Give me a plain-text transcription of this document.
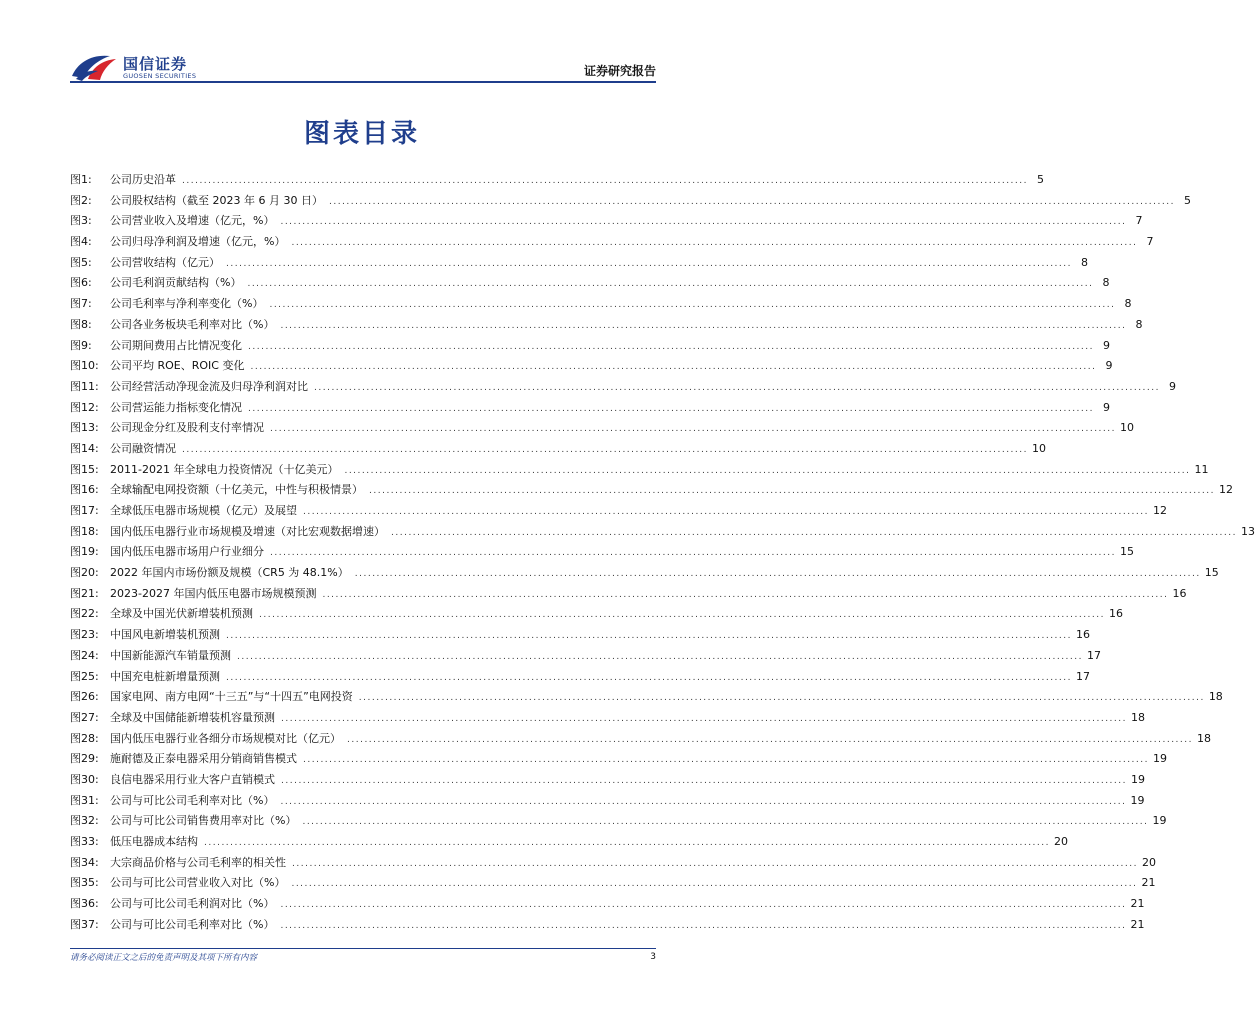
国信证券
GUOSEN SECURITIES	证券研究报告
图表目录
图1:	公司历史沿革 .................................................................................................................................................................................................. 5
图2:	公司股权结构（截至 2023 年 6 月 30 日） .................................................................................................................................................................................................. 5
图3:	公司营业收入及增速（亿元，%） .................................................................................................................................................................................................. 7
图4:	公司归母净利润及增速（亿元，%） .................................................................................................................................................................................................. 7
图5:	公司营收结构（亿元） .................................................................................................................................................................................................. 8
图6:	公司毛利润贡献结构（%） .................................................................................................................................................................................................. 8
图7:	公司毛利率与净利率变化（%） .................................................................................................................................................................................................. 8
图8:	公司各业务板块毛利率对比（%） .................................................................................................................................................................................................. 8
图9:	公司期间费用占比情况变化 .................................................................................................................................................................................................. 9
图10:	公司平均 ROE、ROIC 变化 .................................................................................................................................................................................................. 9
图11:	公司经营活动净现金流及归母净利润对比 .................................................................................................................................................................................................. 9
图12:	公司营运能力指标变化情况 .................................................................................................................................................................................................. 9
图13:	公司现金分红及股利支付率情况 .................................................................................................................................................................................................. 10
图14:	公司融资情况 .................................................................................................................................................................................................. 10
图15:	2011-2021 年全球电力投资情况（十亿美元） .................................................................................................................................................................................................. 11
图16:	全球输配电网投资额（十亿美元，中性与积极情景） .................................................................................................................................................................................................. 12
图17:	全球低压电器市场规模（亿元）及展望 .................................................................................................................................................................................................. 12
图18:	国内低压电器行业市场规模及增速（对比宏观数据增速） .................................................................................................................................................................................................. 13
图19:	国内低压电器市场用户行业细分 .................................................................................................................................................................................................. 15
图20:	2022 年国内市场份额及规模（CR5 为 48.1%） .................................................................................................................................................................................................. 15
图21:	2023-2027 年国内低压电器市场规模预测 .................................................................................................................................................................................................. 16
图22:	全球及中国光伏新增装机预测 .................................................................................................................................................................................................. 16
图23:	中国风电新增装机预测 .................................................................................................................................................................................................. 16
图24:	中国新能源汽车销量预测 .................................................................................................................................................................................................. 17
图25:	中国充电桩新增量预测 .................................................................................................................................................................................................. 17
图26:	国家电网、南方电网“十三五”与“十四五”电网投资 .................................................................................................................................................................................................. 18
图27:	全球及中国储能新增装机容量预测 .................................................................................................................................................................................................. 18
图28:	国内低压电器行业各细分市场规模对比（亿元） .................................................................................................................................................................................................. 18
图29:	施耐德及正泰电器采用分销商销售模式 .................................................................................................................................................................................................. 19
图30:	良信电器采用行业大客户直销模式 .................................................................................................................................................................................................. 19
图31:	公司与可比公司毛利率对比（%） .................................................................................................................................................................................................. 19
图32:	公司与可比公司销售费用率对比（%） .................................................................................................................................................................................................. 19
图33:	低压电器成本结构 .................................................................................................................................................................................................. 20
图34:	大宗商品价格与公司毛利率的相关性 .................................................................................................................................................................................................. 20
图35:	公司与可比公司营业收入对比（%） .................................................................................................................................................................................................. 21
图36:	公司与可比公司毛利润对比（%） .................................................................................................................................................................................................. 21
图37:	公司与可比公司毛利率对比（%） .................................................................................................................................................................................................. 21
请务必阅读正文之后的免责声明及其项下所有内容	3
